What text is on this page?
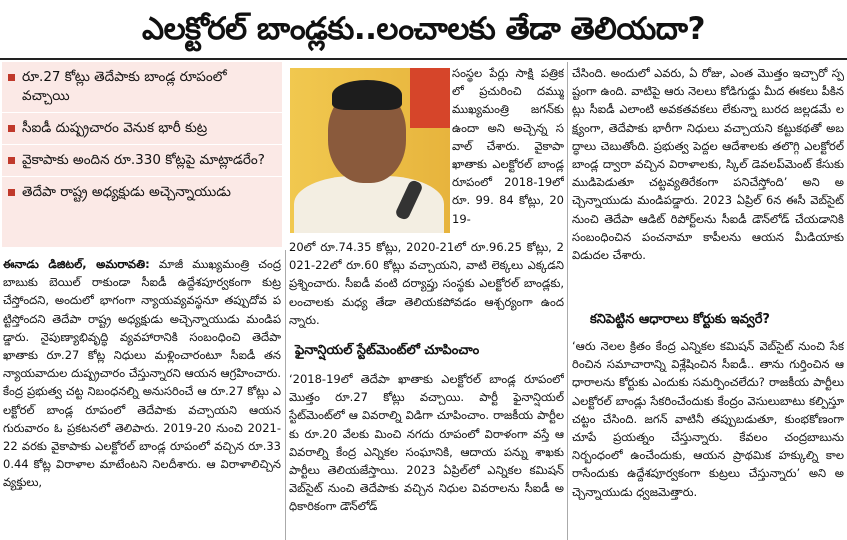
ఎలక్టోరల్ బాండ్లకు..లంచాలకు తేడా తెలియదా?
రూ.27 కోట్లు తెదేపాకు బాండ్ల రూపంలో వచ్చాయి
సీఐడీ దుష్ప్రచారం వెనుక భారీ కుట్ర
వైకాపాకు అందిన రూ.330 కోట్లపై మాట్లాడరేం?
తెదేపా రాష్ట్ర అధ్యక్షుడు అచ్చెన్నాయుడు
సంస్థల పేర్లు సాక్షి పత్రికలో ప్రచురించి దమ్ము ముఖ్యమంత్రి జగన్‌కు ఉందా అని అచ్చెన్న సవాల్ చేశారు. వైకాపా ఖాతాకు ఎలక్టోరల్ బాండ్ల రూపంలో 2018-19లో రూ. 99. 84 కోట్లు, 2019-
20లో రూ.74.35 కోట్లు, 2020-21లో రూ.96.25 కోట్లు, 2021-22లో రూ.60 కోట్లు వచ్చాయని, వాటి లెక్కలు ఎక్కడని ప్రశ్నించారు. సీఐడీ వంటి దర్యాప్తు సంస్థకు ఎలక్టోరల్ బాండ్లకు, లంచాలకు మధ్య తేడా తెలియకపోవడం ఆశ్చర్యంగా ఉందన్నారు.
ఫైనాన్షియల్ స్టేట్‌మెంట్‌లో చూపించాం
‘2018-19లో తెదేపా ఖాతాకు ఎలక్టోరల్ బాండ్ల రూపంలో మొత్తం రూ.27 కోట్లు వచ్చాయి. పార్టీ ఫైనాన్షియల్ స్టేట్‌మెంట్‌లో ఆ వివరాల్ని విడిగా చూపించాం. రాజకీయ పార్టీలకు రూ.20 వేలకు మించి నగదు రూపంలో విరాళంగా వస్తే ఆ వివరాల్ని కేంద్ర ఎన్నికల సంఘానికి, ఆదాయ పన్ను శాఖకు పార్టీలు తెలియజేస్తాయి. 2023 ఏప్రిల్‌లో ఎన్నికల కమిషన్ వెబ్‌సైట్ నుంచి తెదేపాకు వచ్చిన నిధుల వివరాలను సీఐడీ అధికారికంగా డౌన్‌లోడ్
ఈనాడు డిజిటల్, అమరావతి: మాజీ ముఖ్యమంత్రి చంద్రబాబుకు బెయిల్ రాకుండా సీఐడీ ఉద్దేశపూర్వకంగా కుట్ర చేస్తోందని, అందులో భాగంగా న్యాయవ్యవస్థనూ తప్పుదోవ పట్టిస్తోందని తెదేపా రాష్ట్ర అధ్యక్షుడు అచ్చెన్నాయుడు మండిపడ్డారు. నైపుణ్యాభివృద్ధి వ్యవహారానికి సంబంధించి తెదేపా ఖాతాకు రూ.27 కోట్ల నిధులు మళ్లించారంటూ సీఐడీ తన న్యాయవాదుల దుష్ప్రచారం చేస్తున్నారని ఆయన ఆగ్రహించారు. కేంద్ర ప్రభుత్వ చట్ట నిబంధనల్ని అనుసరించే ఆ రూ.27 కోట్లు ఎలక్టోరల్ బాండ్ల రూపంలో తెదేపాకు వచ్చాయని ఆయన గురువారం ఓ ప్రకటనలో తెలిపారు. 2019-20 నుంచి 2021-22 వరకు వైకాపాకు ఎలక్టోరల్ బాండ్ల రూపంలో వచ్చిన రూ.330.44 కోట్ల విరాళాల మాటేంటని నిలదీశారు. ఆ విరాళాలిచ్చిన వ్యక్తులు,
చేసింది. అందులో ఎవరు, ఏ రోజు, ఎంత మొత్తం ఇచ్చారో స్పష్టంగా ఉంది. వాటిపై ఆరు నెలలు కోడిగుడ్డు మీద ఈకలు పీకినట్లు సీఐడీ ఎలాంటి అవకతవకలు లేకున్నా బురద జల్లడమే లక్ష్యంగా, తెదేపాకు భారీగా నిధులు వచ్చాయని కట్టుకథతో అబద్ధాలు చెబుతోంది. ప్రభుత్వ పెద్దల ఆదేశాలకు తలొగ్గి ఎలక్టోరల్ బాండ్ల ద్వారా వచ్చిన విరాళాలకు, స్కిల్ డెవలప్‌మెంట్ కేసుకు ముడిపెడుతూ చట్టవ్యతిరేకంగా పనిచేస్తోంది’ అని అచ్చెన్నాయుడు మండిపడ్డారు. 2023 ఏప్రిల్ 6న ఈసీ వెబ్‌సైట్ నుంచి తెదేపా ఆడిట్ రిపోర్ట్‌లను సీఐడీ డౌన్‌లోడ్ చేయడానికి సంబంధించిన పంచనామా కాపీలను ఆయన మీడియాకు విడుదల చేశారు.
కనిపెట్టిన ఆధారాలు కోర్టుకు ఇవ్వరే?
‘ఆరు నెలల క్రితం కేంద్ర ఎన్నికల కమిషన్ వెబ్‌సైట్ నుంచి సేకరించిన సమాచారాన్ని విశ్లేషించిన సీఐడీ.. తాను గుర్తించిన ఆధారాలను కోర్టుకు ఎందుకు సమర్పించలేదు? రాజకీయ పార్టీలు ఎలక్టోరల్ బాండ్లు సేకరించేందుకు కేంద్రం వెసులుబాటు కల్పిస్తూ చట్టం చేసింది. జగన్ వాటినీ తప్పుబడుతూ, కుంభకోణంగా చూపే ప్రయత్నం చేస్తున్నారు. కేవలం చంద్రబాబును నిర్బంధంలో ఉంచేందుకు, ఆయన ప్రాథమిక హక్కుల్ని కాలరాసేందుకు ఉద్దేశపూర్వకంగా కుట్రలు చేస్తున్నారు’ అని అచ్చెన్నాయుడు ధ్వజమెత్తారు.
